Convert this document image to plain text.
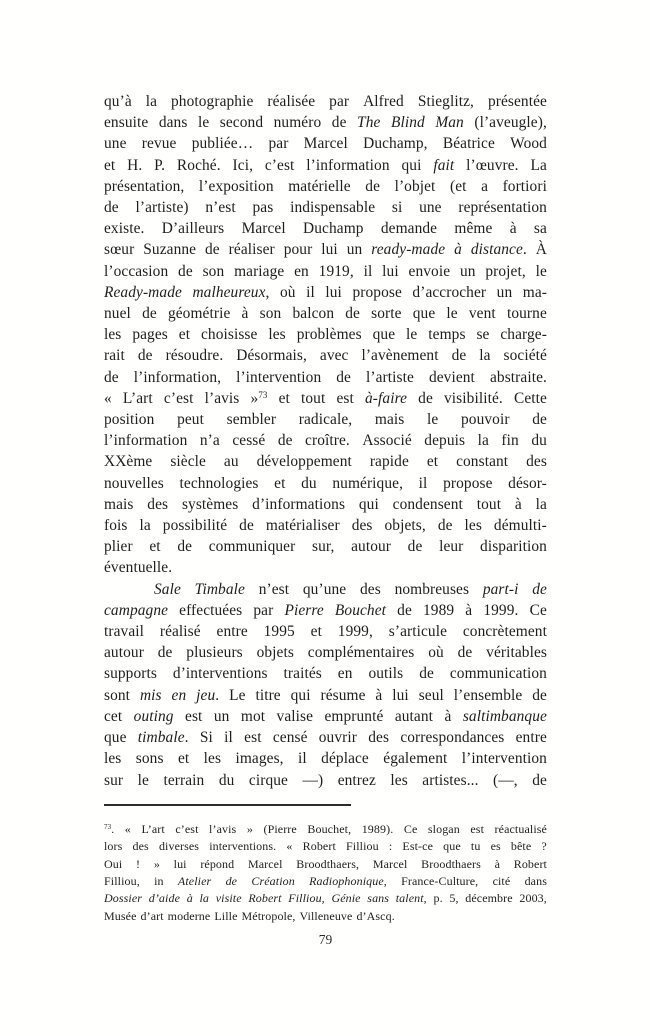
qu’à la photographie réalisée par Alfred Stieglitz, présentée
ensuite dans le second numéro de The Blind Man (l’aveugle),
une revue publiée… par Marcel Duchamp, Béatrice Wood
et H. P. Roché. Ici, c’est l’information qui fait l’œuvre. La
présentation, l’exposition matérielle de l’objet (et a fortiori
de l’artiste) n’est pas indispensable si une représentation
existe. D’ailleurs Marcel Duchamp demande même à sa
sœur Suzanne de réaliser pour lui un ready-made à distance. À
l’occasion de son mariage en 1919, il lui envoie un projet, le
Ready-made malheureux, où il lui propose d’accrocher un ma-
nuel de géométrie à son balcon de sorte que le vent tourne
les pages et choisisse les problèmes que le temps se charge-
rait de résoudre. Désormais, avec l’avènement de la société
de l’information, l’intervention de l’artiste devient abstraite.
« L’art c’est l’avis »$^{73}$ et tout est à-faire de visibilité. Cette
position peut sembler radicale, mais le pouvoir de
l’information n’a cessé de croître. Associé depuis la fin du
XXème siècle au développement rapide et constant des
nouvelles technologies et du numérique, il propose désor-
mais des systèmes d’informations qui condensent tout à la
fois la possibilité de matérialiser des objets, de les démulti-
plier et de communiquer sur, autour de leur disparition
éventuelle.
Sale Timbale n’est qu’une des nombreuses part-i de
campagne effectuées par Pierre Bouchet de 1989 à 1999. Ce
travail réalisé entre 1995 et 1999, s’articule concrètement
autour de plusieurs objets complémentaires où de véritables
supports d’interventions traités en outils de communication
sont mis en jeu. Le titre qui résume à lui seul l’ensemble de
cet outing est un mot valise emprunté autant à saltimbanque
que timbale. Si il est censé ouvrir des correspondances entre
les sons et les images, il déplace également l’intervention
sur le terrain du cirque —) entrez les artistes... (—, de
$^{73}$. « L’art c’est l’avis » (Pierre Bouchet, 1989). Ce slogan est réactualisé
lors des diverses interventions. « Robert Filliou : Est-ce que tu es bête ?
Oui ! » lui répond Marcel Broodthaers, Marcel Broodthaers à Robert
Filliou, in Atelier de Création Radiophonique, France-Culture, cité dans
Dossier d’aide à la visite Robert Filliou, Génie sans talent, p. 5, décembre 2003,
Musée d’art moderne Lille Métropole, Villeneuve d’Ascq.
79
